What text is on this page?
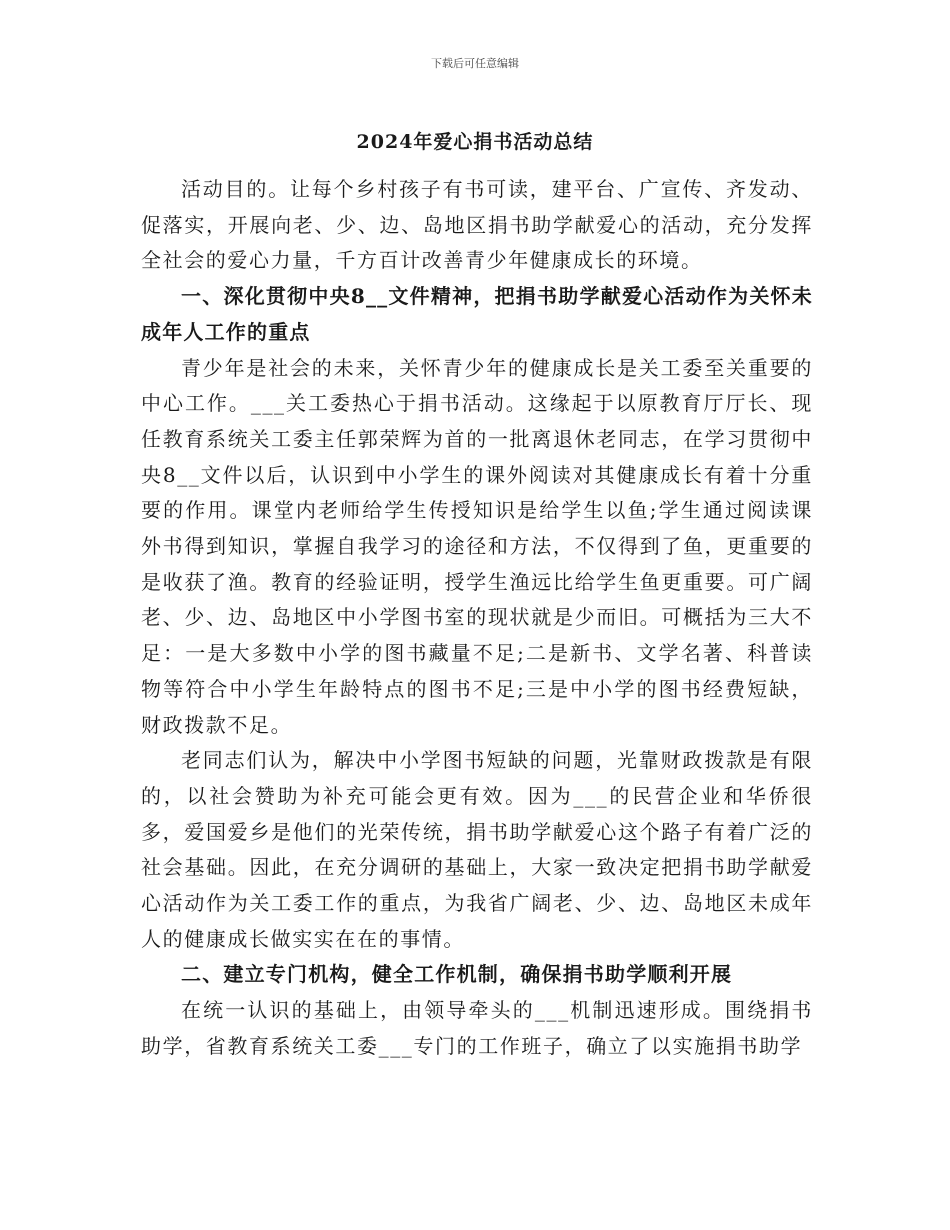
下载后可任意编辑
2024年爱心捐书活动总结

活动目的。让每个乡村孩子有书可读，建平台、广宣传、齐发动、促落实，开展向老、少、边、岛地区捐书助学献爱心的活动，充分发挥全社会的爱心力量，千方百计改善青少年健康成长的环境。

一、深化贯彻中央8__文件精神，把捐书助学献爱心活动作为关怀未成年人工作的重点

青少年是社会的未来，关怀青少年的健康成长是关工委至关重要的中心工作。___关工委热心于捐书活动。这缘起于以原教育厅厅长、现任教育系统关工委主任郭荣辉为首的一批离退休老同志，在学习贯彻中央8__文件以后，认识到中小学生的课外阅读对其健康成长有着十分重要的作用。课堂内老师给学生传授知识是给学生以鱼;学生通过阅读课外书得到知识，掌握自我学习的途径和方法，不仅得到了鱼，更重要的是收获了渔。教育的经验证明，授学生渔远比给学生鱼更重要。可广阔老、少、边、岛地区中小学图书室的现状就是少而旧。可概括为三大不足：一是大多数中小学的图书藏量不足;二是新书、文学名著、科普读物等符合中小学生年龄特点的图书不足;三是中小学的图书经费短缺，财政拨款不足。

老同志们认为，解决中小学图书短缺的问题，光靠财政拨款是有限的，以社会赞助为补充可能会更有效。因为___的民营企业和华侨很多，爱国爱乡是他们的光荣传统，捐书助学献爱心这个路子有着广泛的社会基础。因此，在充分调研的基础上，大家一致决定把捐书助学献爱心活动作为关工委工作的重点，为我省广阔老、少、边、岛地区未成年人的健康成长做实实在在的事情。

二、建立专门机构，健全工作机制，确保捐书助学顺利开展

在统一认识的基础上，由领导牵头的___机制迅速形成。围绕捐书助学，省教育系统关工委___专门的工作班子，确立了以实施捐书助学
